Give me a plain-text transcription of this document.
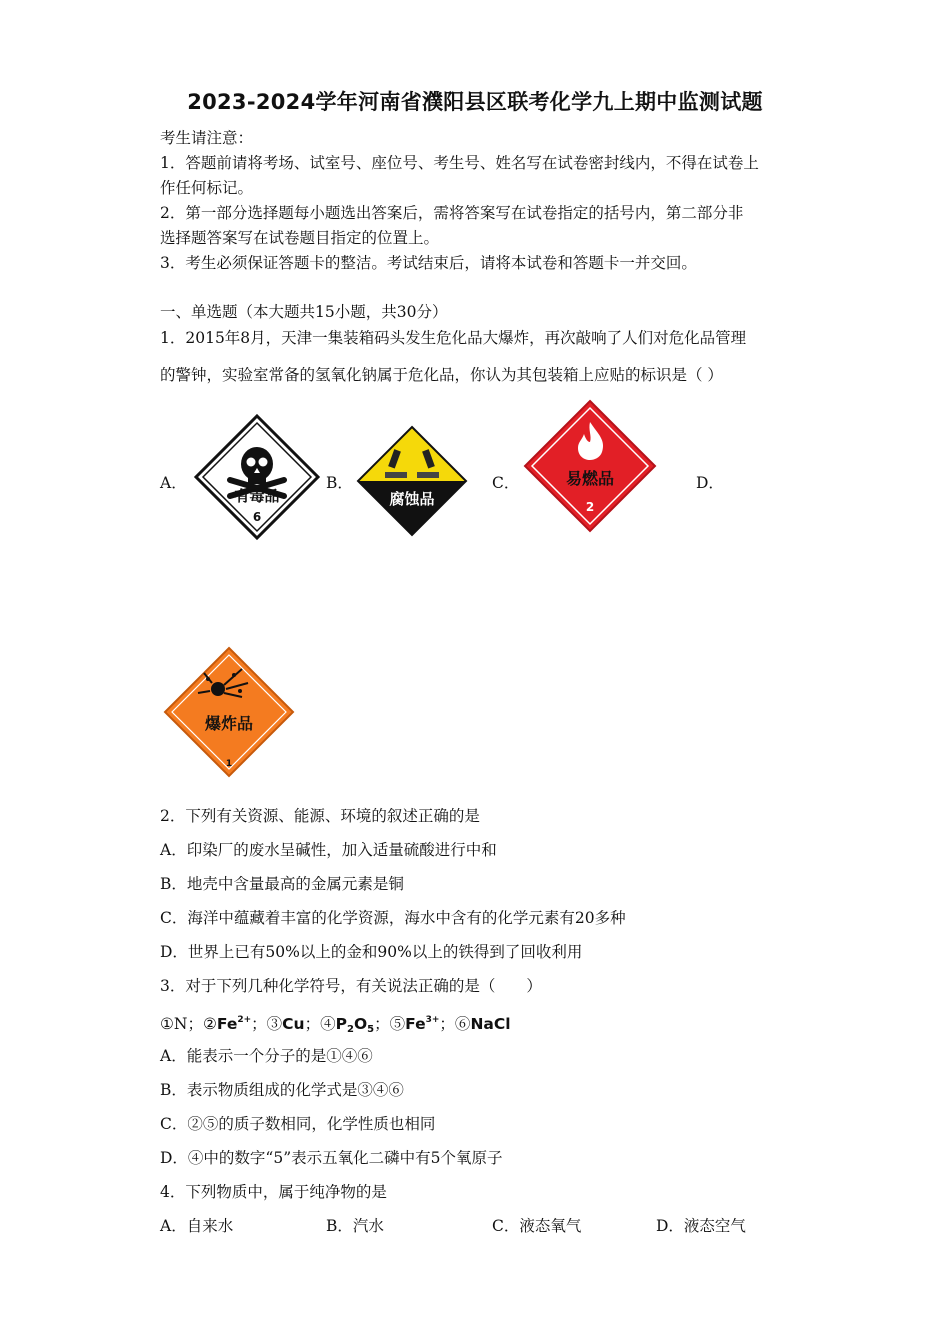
2023-2024学年河南省濮阳县区联考化学九上期中监测试题
考生请注意：
1．答题前请将考场、试室号、座位号、考生号、姓名写在试卷密封线内，不得在试卷上
作任何标记。
2．第一部分选择题每小题选出答案后，需将答案写在试卷指定的括号内，第二部分非
选择题答案写在试卷题目指定的位置上。
3．考生必须保证答题卡的整洁。考试结束后，请将本试卷和答题卡一并交回。
一、单选题（本大题共15小题，共30分）
1．2015年8月，天津一集装箱码头发生危化品大爆炸，再次敲响了人们对危化品管理
的警钟，实验室常备的氢氧化钠属于危化品，你认为其包装箱上应贴的标识是（ ）
A．	B．	C．	D．
有毒品
6
腐蚀品
易燃品
2
爆炸品
1
2．下列有关资源、能源、环境的叙述正确的是
A．印染厂的废水呈碱性，加入适量硫酸进行中和
B．地壳中含量最高的金属元素是铜
C．海洋中蕴藏着丰富的化学资源，海水中含有的化学元素有20多种
D．世界上已有50%以上的金和90%以上的铁得到了回收利用
3．对于下列几种化学符号，有关说法正确的是（　　）
①N；$②Fe^{2+}$；③Cu；$④P_2O_5$；$⑤Fe^{3+}$；⑥NaCl
A．能表示一个分子的是①④⑥
B．表示物质组成的化学式是③④⑥
C．②⑤的质子数相同，化学性质也相同
D．④中的数字“5”表示五氧化二磷中有5个氧原子
4．下列物质中，属于纯净物的是
A．自来水	B．汽水	C．液态氧气	D．液态空气
